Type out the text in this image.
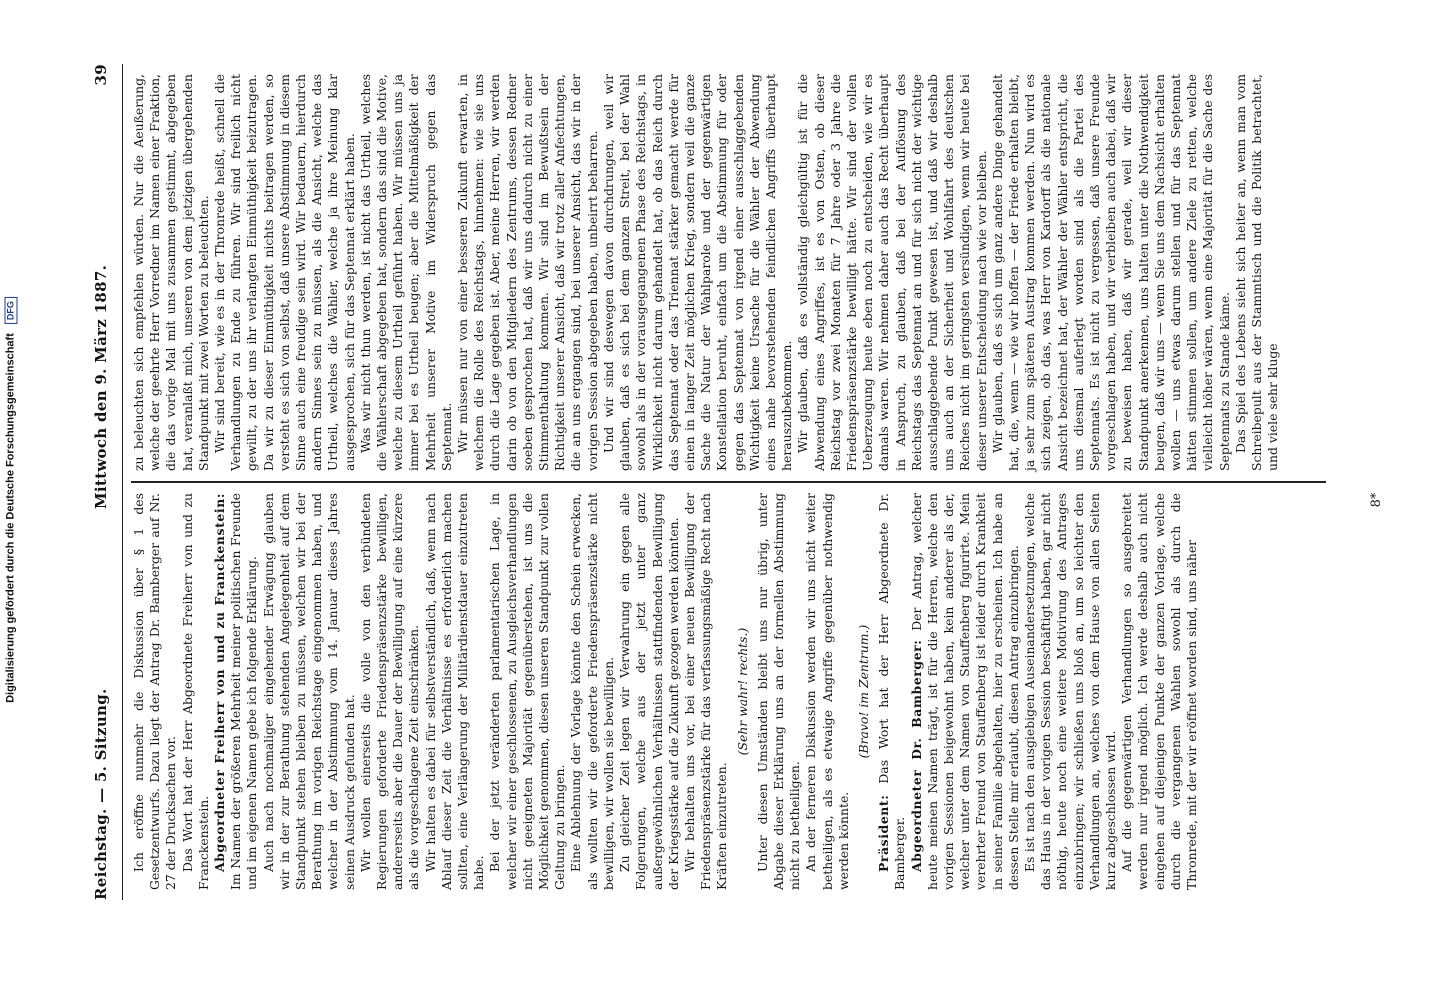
Reichstag. — 5. Sitzung.
Mittwoch den 9. März 1887.
39

Ich eröffne nunmehr die Diskussion über § 1 des Gesetzentwurfs. Dazu liegt der Antrag Dr. Bamberger auf Nr. 27 der Drucksachen vor. Das Wort hat der Herr Abgeordnete Freiherr von und zu Franckenstein. Abgeordneter Freiherr von und zu Franckenstein: Im Namen der größeren Mehrheit meiner politischen Freunde und im eigenen Namen gebe ich folgende Erklärung. Auch nach nochmaliger eingehender Erwägung glauben wir in der zur Berathung stehenden Angelegenheit auf dem Standpunkt stehen bleiben zu müssen, welchen wir bei der Berathung im vorigen Reichstage eingenommen haben, und welcher in der Abstimmung vom 14. Januar dieses Jahres seinen Ausdruck gefunden hat. Wir wollen einerseits die volle von den verbündeten Regierungen geforderte Friedenspräsenzstärke bewilligen, andererseits aber die Dauer der Bewilligung auf eine kürzere als die vorgeschlagene Zeit einschränken. Wir halten es dabei für selbstverständlich, daß, wenn nach Ablauf dieser Zeit die Verhältnisse es erforderlich machen sollten, eine Verlängerung der Militärdienstdauer einzutreten habe.

Bei der jetzt veränderten parlamentarischen Lage, in welcher wir einer geschlossenen, zu Ausgleichsverhandlungen nicht geeigneten Majorität gegenüberstehen, ist uns die Möglichkeit genommen, diesen unseren Standpunkt zur vollen Geltung zu bringen. Eine Ablehnung der Vorlage könnte den Schein erwecken, als wollten wir die geforderte Friedenspräsenzstärke nicht bewilligen, wir wollen sie bewilligen. Zu gleicher Zeit legen wir Verwahrung ein gegen alle Folgerungen, welche aus der jetzt unter ganz außergewöhnlichen Verhältnissen stattfindenden Bewilligung der Kriegsstärke auf die Zukunft gezogen werden könnten. Wir behalten uns vor, bei einer neuen Bewilligung der Friedenspräsenzstärke für das verfassungsmäßige Recht nach Kräften einzutreten.

(Sehr wahr! rechts.) Unter diesen Umständen bleibt uns nur übrig, unter Abgabe dieser Erklärung uns an der formellen Abstimmung nicht zu betheiligen. An der ferneren Diskussion werden wir uns nicht weiter betheiligen, als es etwaige Angriffe gegenüber nothwendig werden könnte.

(Bravo! im Zentrum.)

Präsident: Das Wort hat der Herr Abgeordnete Dr. Bamberger. Abgeordneter Dr. Bamberger: Der Antrag, welcher heute meinen Namen trägt, ist für die Herren, welche den vorigen Sessionen beigewohnt haben, kein anderer als der, welcher unter dem Namen von Stauffenberg figurirte. Mein verehrter Freund von Stauffenberg ist leider durch Krankheit in seiner Familie abgehalten, hier zu erscheinen. Ich habe an dessen Stelle mir erlaubt, diesen Antrag einzubringen. Es ist nach den ausgiebigen Auseinandersetzungen, welche das Haus in der vorigen Session beschäftigt haben, gar nicht nöthig, heute noch eine weitere Motivirung des Antrages einzubringen; wir schließen uns bloß an, um so leichter den Verhandlungen an, welches von dem Hause von allen Seiten kurz abgeschlossen wird. Auf die gegenwärtigen Verhandlungen so ausgebreitet werden nur irgend möglich. Ich werde deshalb auch nicht eingehen auf diejenigen Punkte der ganzen Vorlage, welche durch die vergangenen Wahlen sowohl als durch die Thronrede, mit der wir eröffnet worden sind, uns näher

zu beleuchten sich empfehlen würden. Nur die Aeußerung, welche der geehrte Herr Vorredner im Namen einer Fraktion, die das vorige Mal mit uns zusammen gestimmt, abgegeben hat, veranlaßt mich, unseren von dem jetzigen übergehenden Standpunkt mit zwei Worten zu beleuchten. Wir sind bereit, wie es in der Thronrede heißt, schnell die Verhandlungen zu Ende zu führen. Wir sind freilich nicht gewillt, zu der uns ihr verlangten Einmüthigkeit beizutragen. Da wir zu dieser Einmüthigkeit nichts beitragen werden, so versteht es sich von selbst, daß unsere Abstimmung in diesem Sinne auch eine freudige sein wird. Wir bedauern, hierdurch andern Sinnes sein zu müssen, als die Ansicht, welche das Urtheil, welches die Wähler, welche ja ihre Meinung klar ausgesprochen, sich für das Septennat erklärt haben. Was wir nicht thun werden, ist nicht das Urtheil, welches die Wählerschaft abgegeben hat, sondern das sind die Motive, welche zu diesem Urtheil geführt haben. Wir müssen uns ja immer bei es Urtheil beugen; aber die Mittelmäßigkeit der Mehrheit unserer Motive im Widerspruch gegen das Septennat. Wir müssen nur von einer besseren Zukunft erwarten, in welchem die Rolle des Reichstags, hinnehmen: wie sie uns durch die Lage gegeben ist. Aber, meine Herren, wir werden darin ob von den Mitgliedern des Zentrums, dessen Redner soeben gesprochen hat, daß wir uns dadurch nicht zu einer Stimmenthaltung kommen. Wir sind im Bewußtsein der Richtigkeit unserer Ansicht, daß wir trotz aller Anfechtungen, die an uns ergangen sind, bei unserer Ansicht, das wir in der vorigen Session abgegeben haben, unbeirrt beharren. Und wir sind deswegen davon durchdrungen, weil wir glauben, daß es sich bei dem ganzen Streit, bei der Wahl sowohl als in der vorausgegangenen Phase des Reichstags, in Wirklichkeit nicht darum gehandelt hat, ob das Reich durch das Septennat oder das Triennat stärker gemacht werde für einen in langer Zeit möglichen Krieg, sondern weil die ganze Sache die Natur der Wahlparole und der gegenwärtigen Konstellation beruht, einfach um die Abstimmung für oder gegen das Septennat von irgend einer ausschlaggebenden Wichtigkeit keine Ursache für die Wähler der Abwendung eines nahe bevorstehenden feindlichen Angriffs überhaupt herauszubekommen. Wir glauben, daß es vollständig gleichgültig ist für die Abwendung eines Angriffes, ist es von Osten, ob dieser Reichstag vor zwei Monaten für 7 Jahre oder 3 Jahre die Friedenspräsenzstärke bewilligt hätte. Wir sind der vollen Ueberzeugung heute eben noch zu entscheiden, wie wir es damals waren. Wir nehmen daher auch das Recht überhaupt in Anspruch, zu glauben, daß bei der Auflösung des Reichstags das Septennat an und für sich nicht der wichtige ausschlaggebende Punkt gewesen ist, und daß wir deshalb uns auch an der Sicherheit und Wohlfahrt des deutschen Reiches nicht im geringsten versündigen, wenn wir heute bei dieser unserer Entscheidung nach wie vor bleiben. Wir glauben, daß es sich um ganz andere Dinge gehandelt hat, die, wenn — wie wir hoffen — der Friede erhalten bleibt, ja sehr zum späteren Austrag kommen werden. Nun wird es sich zeigen, ob das, was Herr von Kardorff als die nationale Ansicht bezeichnet hat, der Wähler der Wähler entspricht, die uns diesmal auferlegt worden sind als die Partei des Septennats. Es ist nicht zu vergessen, daß unsere Freunde vorgeschlagen haben, und wir verbleiben auch dabei, daß wir zu beweisen haben, daß wir gerade, weil wir dieser Standpunkt anerkennen, uns halten unter die Nothwendigkeit beugen, daß wir uns — wenn Sie uns dem Nachsicht erhalten wollen — uns etwas darum stellen und für das Septennat hätten stimmen sollen, um andere Ziele zu retten, welche vielleicht höher wären, wenn eine Majorität für die Sache des Septennats zu Stande käme. Das Spiel des Lebens sieht sich heiter an, wenn man vom Schreibepult aus der Stammtisch und die Politik betrachtet, und viele sehr kluge

8*
Digitalisierung gefördert durch die Deutsche Forschungsgemeinschaft DFG
